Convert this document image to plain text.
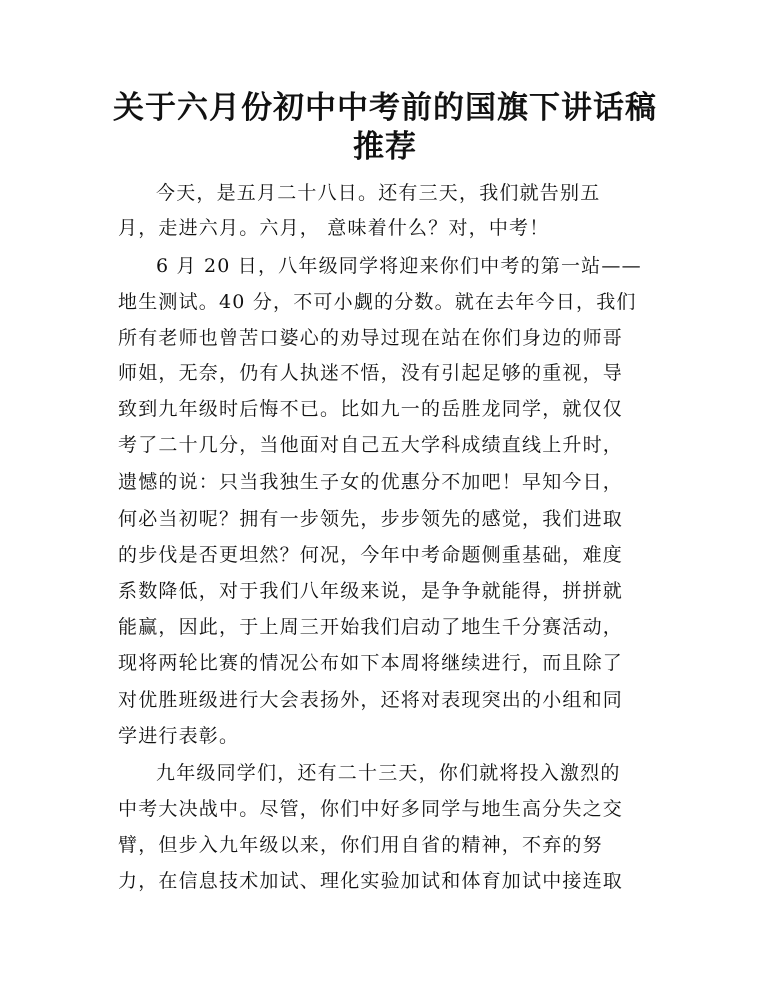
关于六月份初中中考前的国旗下讲话稿
推荐
今天，是五月二十八日。还有三天，我们就告别五
月，走进六月。六月， 意味着什么？对，中考！
6 月 20 日，八年级同学将迎来你们中考的第一站——
地生测试。40 分，不可小觑的分数。就在去年今日，我们
所有老师也曾苦口婆心的劝导过现在站在你们身边的师哥
师姐，无奈，仍有人执迷不悟，没有引起足够的重视，导
致到九年级时后悔不已。比如九一的岳胜龙同学，就仅仅
考了二十几分，当他面对自己五大学科成绩直线上升时，
遗憾的说：只当我独生子女的优惠分不加吧！早知今日，
何必当初呢？拥有一步领先，步步领先的感觉，我们进取
的步伐是否更坦然？何况，今年中考命题侧重基础，难度
系数降低，对于我们八年级来说，是争争就能得，拼拼就
能赢，因此，于上周三开始我们启动了地生千分赛活动，
现将两轮比赛的情况公布如下本周将继续进行，而且除了
对优胜班级进行大会表扬外，还将对表现突出的小组和同
学进行表彰。
九年级同学们，还有二十三天，你们就将投入激烈的
中考大决战中。尽管，你们中好多同学与地生高分失之交
臂，但步入九年级以来，你们用自省的精神，不弃的努
力，在信息技术加试、理化实验加试和体育加试中接连取
